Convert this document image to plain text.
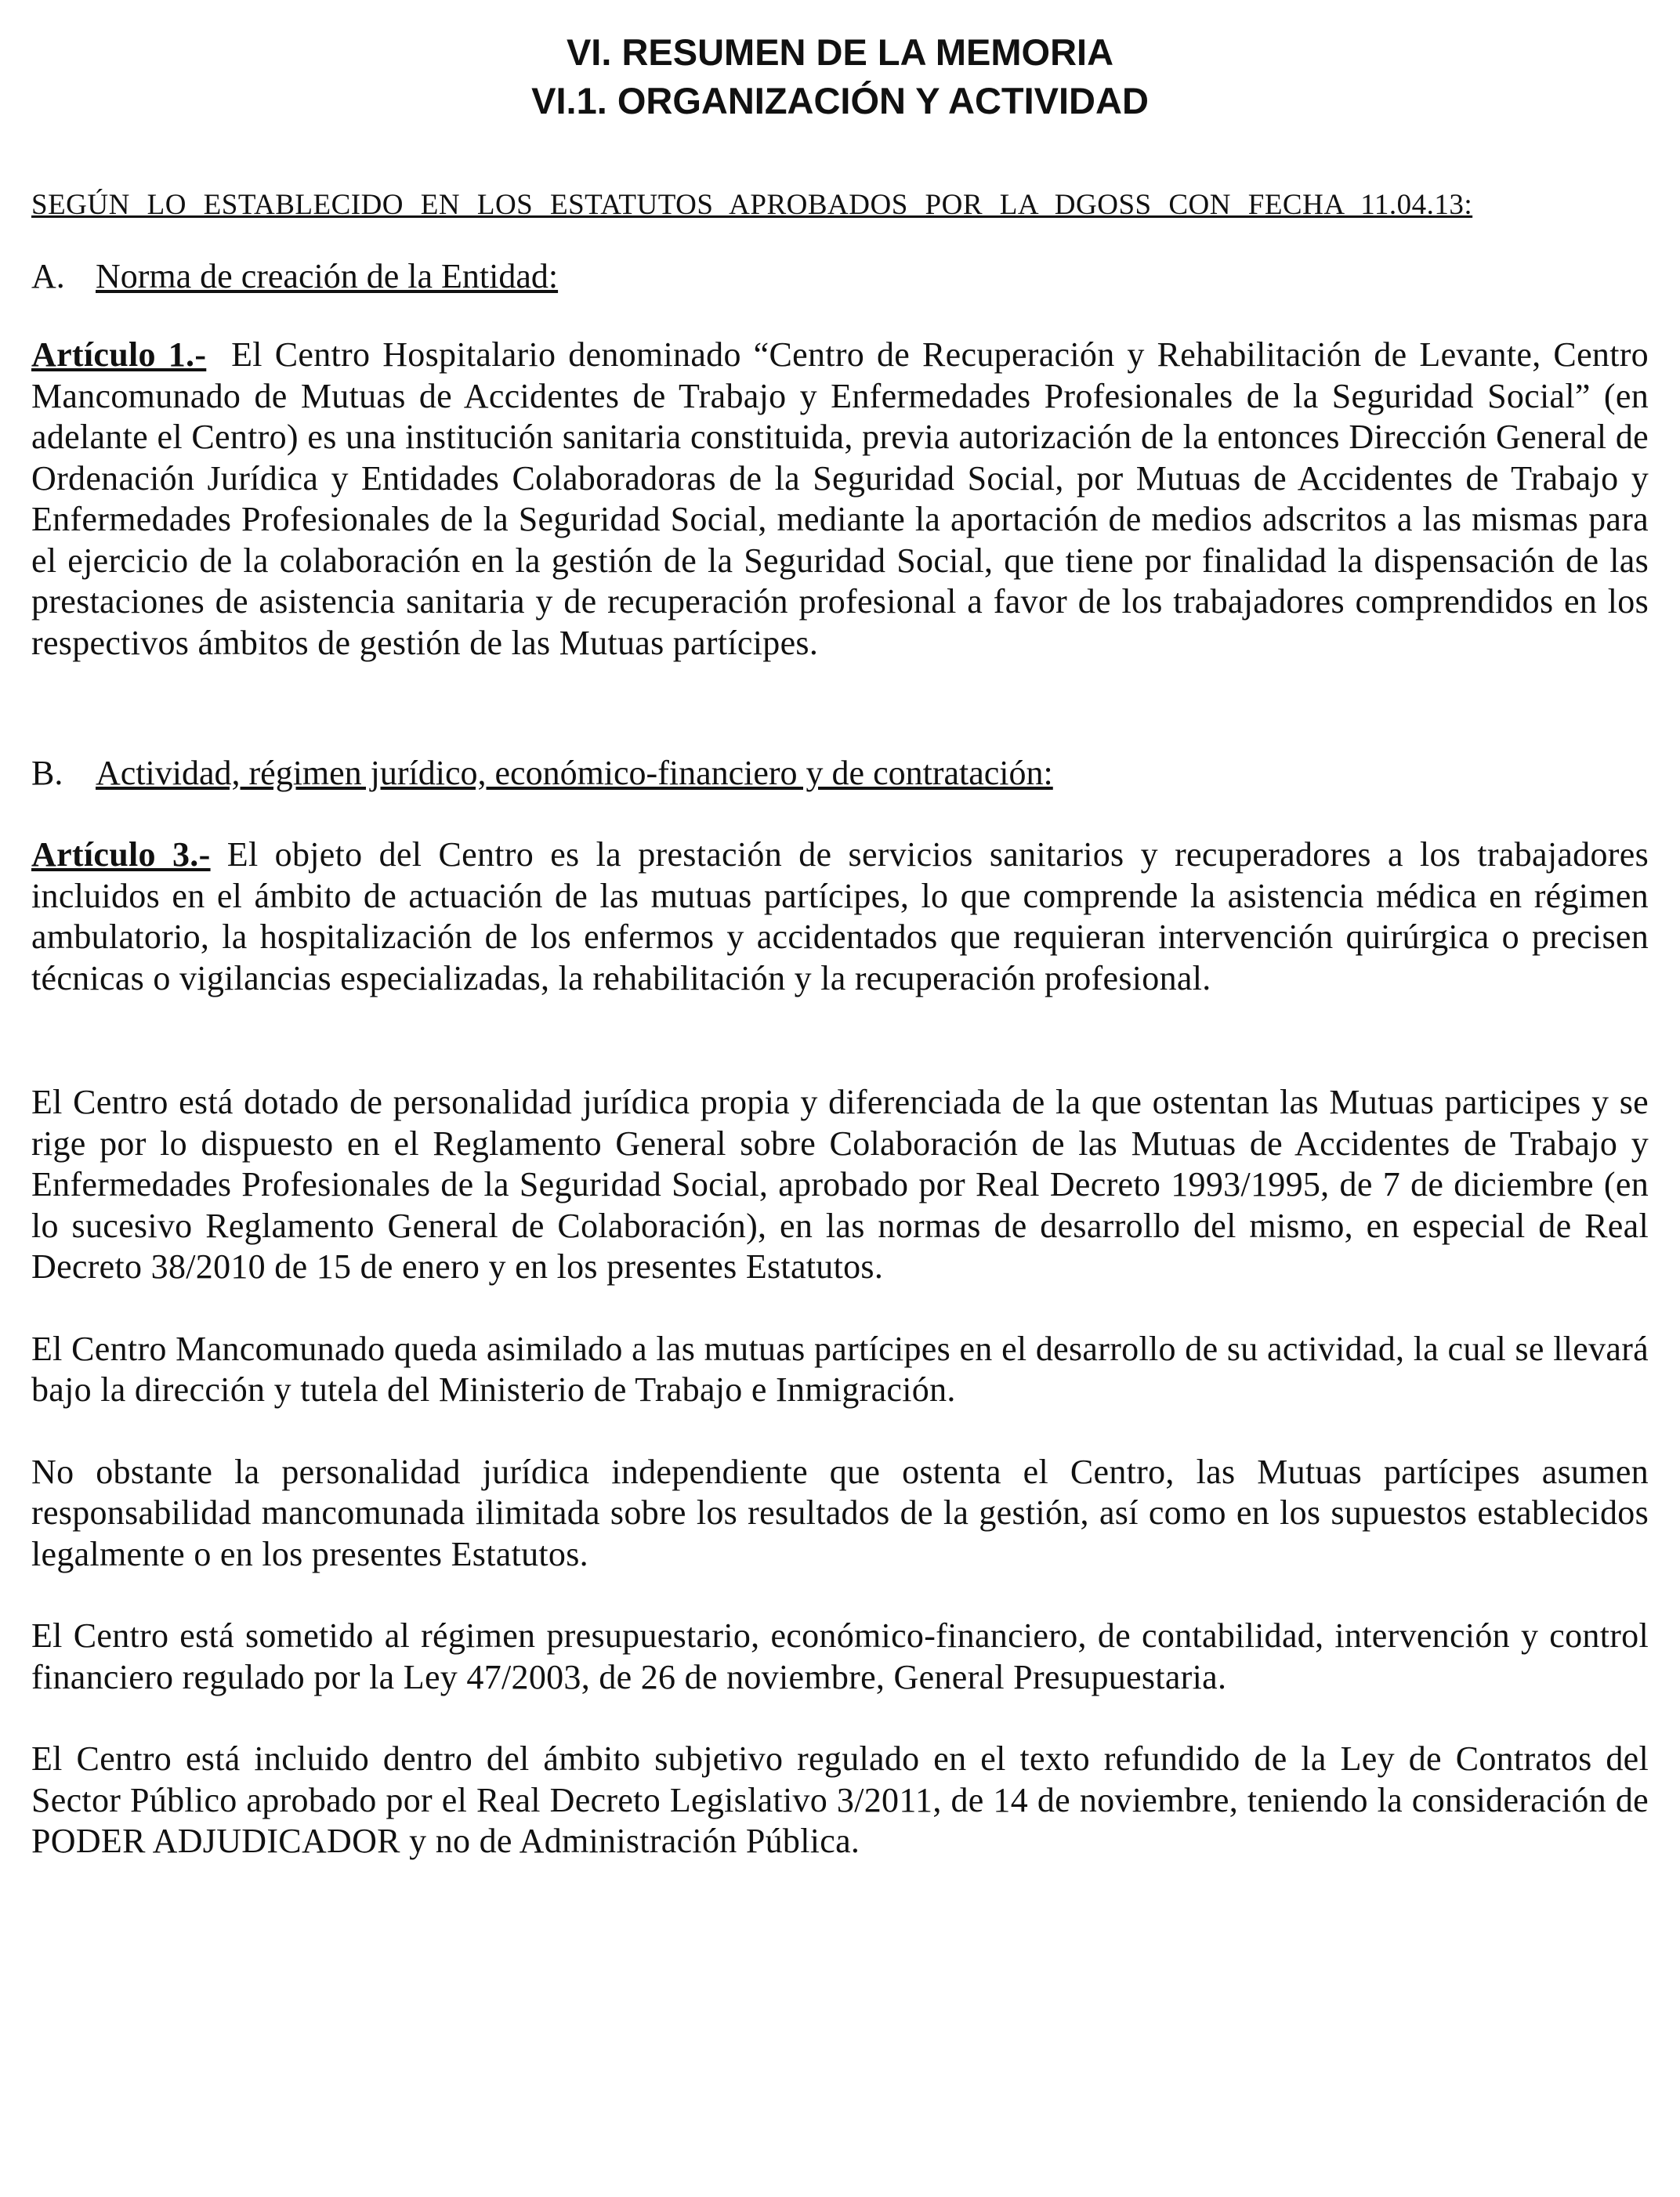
VI. RESUMEN DE LA MEMORIA
VI.1. ORGANIZACIÓN Y ACTIVIDAD

SEGÚN LO ESTABLECIDO EN LOS ESTATUTOS APROBADOS POR LA DGOSS CON FECHA 11.04.13:

A. Norma de creación de la Entidad:

Artículo 1.- El Centro Hospitalario denominado “Centro de Recuperación y Rehabilitación de Levante, Centro Mancomunado de Mutuas de Accidentes de Trabajo y Enfermedades Profesionales de la Seguridad Social” (en adelante el Centro) es una institución sanitaria constituida, previa autorización de la entonces Dirección General de Ordenación Jurídica y Entidades Colaboradoras de la Seguridad Social, por Mutuas de Accidentes de Trabajo y Enfermedades Profesionales de la Seguridad Social, mediante la aportación de medios adscritos a las mismas para el ejercicio de la colaboración en la gestión de la Seguridad Social, que tiene por finalidad la dispensación de las prestaciones de asistencia sanitaria y de recuperación profesional a favor de los trabajadores comprendidos en los respectivos ámbitos de gestión de las Mutuas partícipes.

B. Actividad, régimen jurídico, económico-financiero y de contratación:

Artículo 3.- El objeto del Centro es la prestación de servicios sanitarios y recuperadores a los trabajadores incluidos en el ámbito de actuación de las mutuas partícipes, lo que comprende la asistencia médica en régimen ambulatorio, la hospitalización de los enfermos y accidentados que requieran intervención quirúrgica o precisen técnicas o vigilancias especializadas, la rehabilitación y la recuperación profesional.

El Centro está dotado de personalidad jurídica propia y diferenciada de la que ostentan las Mutuas participes y se rige por lo dispuesto en el Reglamento General sobre Colaboración de las Mutuas de Accidentes de Trabajo y Enfermedades Profesionales de la Seguridad Social, aprobado por Real Decreto 1993/1995, de 7 de diciembre (en lo sucesivo Reglamento General de Colaboración), en las normas de desarrollo del mismo, en especial de Real Decreto 38/2010 de 15 de enero y en los presentes Estatutos.

El Centro Mancomunado queda asimilado a las mutuas partícipes en el desarrollo de su actividad, la cual se llevará bajo la dirección y tutela del Ministerio de Trabajo e Inmigración.

No obstante la personalidad jurídica independiente que ostenta el Centro, las Mutuas partícipes asumen responsabilidad mancomunada ilimitada sobre los resultados de la gestión, así como en los supuestos establecidos legalmente o en los presentes Estatutos.

El Centro está sometido al régimen presupuestario, económico-financiero, de contabilidad, intervención y control financiero regulado por la Ley 47/2003, de 26 de noviembre, General Presupuestaria.

El Centro está incluido dentro del ámbito subjetivo regulado en el texto refundido de la Ley de Contratos del Sector Público aprobado por el Real Decreto Legislativo 3/2011, de 14 de noviembre, teniendo la consideración de PODER ADJUDICADOR y no de Administración Pública.
